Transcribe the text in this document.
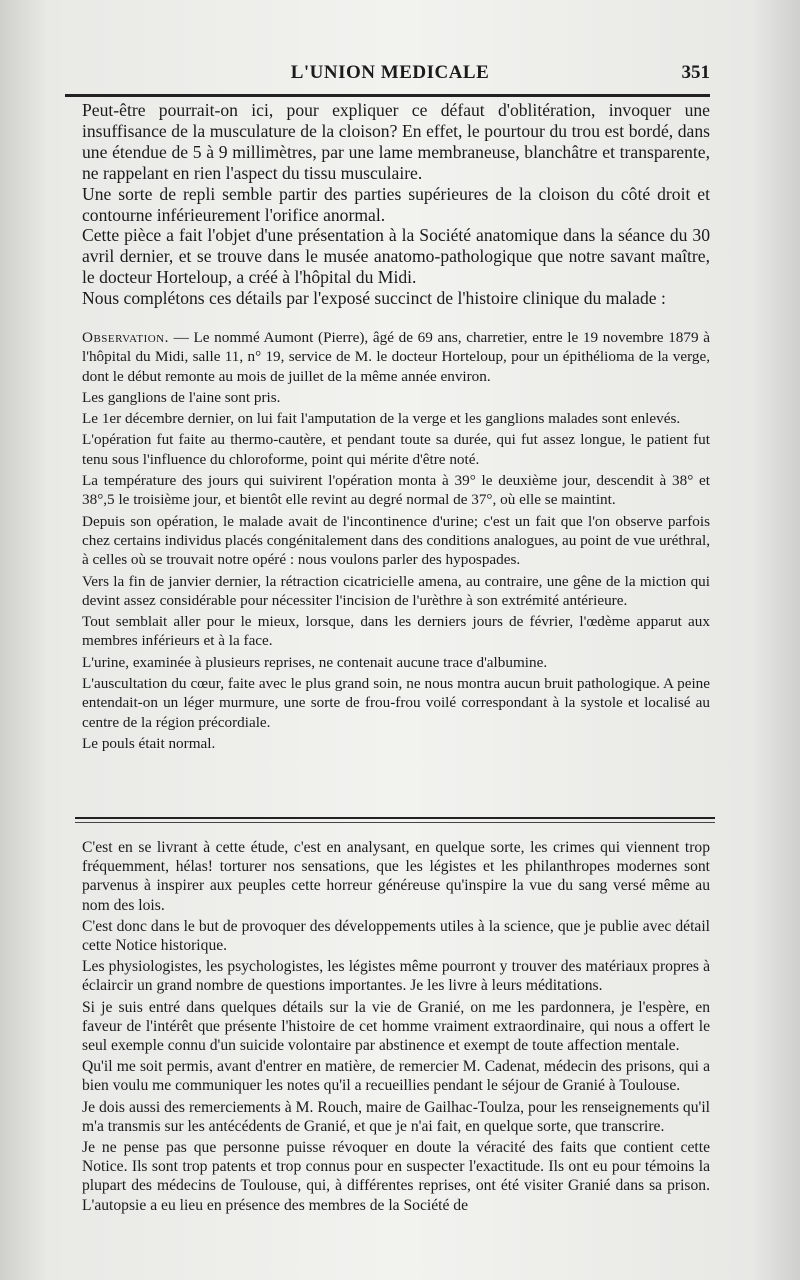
L'UNION MEDICALE	351

Peut-être pourrait-on ici, pour expliquer ce défaut d'oblitération, invoquer une insuffisance de la musculature de la cloison? En effet, le pourtour du trou est bordé, dans une étendue de 5 à 9 millimètres, par une lame membraneuse, blanchâtre et transparente, ne rappelant en rien l'aspect du tissu musculaire.

Une sorte de repli semble partir des parties supérieures de la cloison du côté droit et contourne inférieurement l'orifice anormal.

Cette pièce a fait l'objet d'une présentation à la Société anatomique dans la séance du 30 avril dernier, et se trouve dans le musée anatomo-pathologique que notre savant maître, le docteur Horteloup, a créé à l'hôpital du Midi.

Nous complétons ces détails par l'exposé succinct de l'histoire clinique du malade :

Observation. — Le nommé Aumont (Pierre), âgé de 69 ans, charretier, entre le 19 novembre 1879 à l'hôpital du Midi, salle 11, n° 19, service de M. le docteur Horteloup, pour un épithélioma de la verge, dont le début remonte au mois de juillet de la même année environ.

Les ganglions de l'aine sont pris.

Le 1er décembre dernier, on lui fait l'amputation de la verge et les ganglions malades sont enlevés.

L'opération fut faite au thermo-cautère, et pendant toute sa durée, qui fut assez longue, le patient fut tenu sous l'influence du chloroforme, point qui mérite d'être noté.

La température des jours qui suivirent l'opération monta à 39° le deuxième jour, descendit à 38° et 38°,5 le troisième jour, et bientôt elle revint au degré normal de 37°, où elle se maintint.

Depuis son opération, le malade avait de l'incontinence d'urine; c'est un fait que l'on observe parfois chez certains individus placés congénitalement dans des conditions analogues, au point de vue uréthral, à celles où se trouvait notre opéré : nous voulons parler des hypospades.

Vers la fin de janvier dernier, la rétraction cicatricielle amena, au contraire, une gêne de la miction qui devint assez considérable pour nécessiter l'incision de l'urèthre à son extrémité antérieure.

Tout semblait aller pour le mieux, lorsque, dans les derniers jours de février, l'œdème apparut aux membres inférieurs et à la face.

L'urine, examinée à plusieurs reprises, ne contenait aucune trace d'albumine.

L'auscultation du cœur, faite avec le plus grand soin, ne nous montra aucun bruit pathologique. A peine entendait-on un léger murmure, une sorte de frou-frou voilé correspondant à la systole et localisé au centre de la région précordiale.

Le pouls était normal.

C'est en se livrant à cette étude, c'est en analysant, en quelque sorte, les crimes qui viennent trop fréquemment, hélas! torturer nos sensations, que les légistes et les philanthropes modernes sont parvenus à inspirer aux peuples cette horreur généreuse qu'inspire la vue du sang versé même au nom des lois.

C'est donc dans le but de provoquer des développements utiles à la science, que je publie avec détail cette Notice historique.

Les physiologistes, les psychologistes, les légistes même pourront y trouver des matériaux propres à éclaircir un grand nombre de questions importantes. Je les livre à leurs méditations.

Si je suis entré dans quelques détails sur la vie de Granié, on me les pardonnera, je l'espère, en faveur de l'intérêt que présente l'histoire de cet homme vraiment extraordinaire, qui nous a offert le seul exemple connu d'un suicide volontaire par abstinence et exempt de toute affection mentale.

Qu'il me soit permis, avant d'entrer en matière, de remercier M. Cadenat, médecin des prisons, qui a bien voulu me communiquer les notes qu'il a recueillies pendant le séjour de Granié à Toulouse.

Je dois aussi des remerciements à M. Rouch, maire de Gailhac-Toulza, pour les renseignements qu'il m'a transmis sur les antécédents de Granié, et que je n'ai fait, en quelque sorte, que transcrire.

Je ne pense pas que personne puisse révoquer en doute la véracité des faits que contient cette Notice. Ils sont trop patents et trop connus pour en suspecter l'exactitude. Ils ont eu pour témoins la plupart des médecins de Toulouse, qui, à différentes reprises, ont été visiter Granié dans sa prison. L'autopsie a eu lieu en présence des membres de la Société de
